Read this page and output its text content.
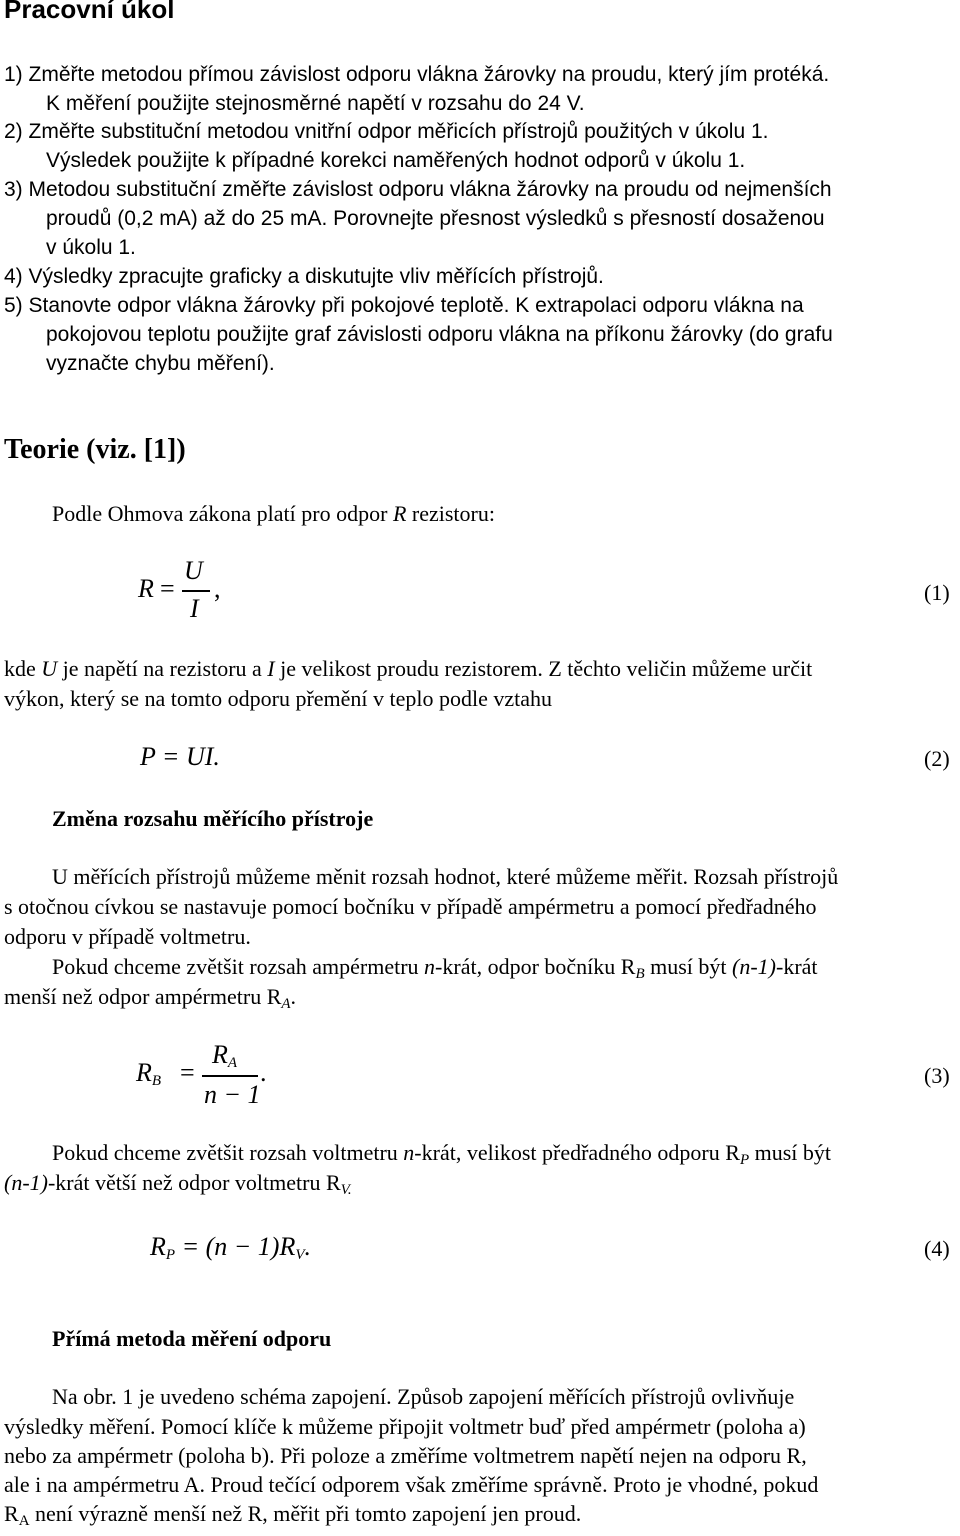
Pracovní úkol
1) Změřte metodou přímou závislost odporu vlákna žárovky na proudu, který jím protéká.
K měření použijte stejnosměrné napětí v rozsahu do 24 V.
2) Změřte substituční metodou vnitřní odpor měřicích přístrojů použitých v úkolu 1.
Výsledek použijte k případné korekci naměřených hodnot odporů v úkolu 1.
3) Metodou substituční změřte závislost odporu vlákna žárovky na proudu od nejmenších
proudů (0,2 mA) až do 25 mA. Porovnejte přesnost výsledků s přesností dosaženou
v úkolu 1.
4) Výsledky zpracujte graficky a diskutujte vliv měřících přístrojů.
5) Stanovte odpor vlákna žárovky při pokojové teplotě. K extrapolaci odporu vlákna na
pokojovou teplotu použijte graf závislosti odporu vlákna na příkonu žárovky (do grafu
vyznačte chybu měření).
Teorie (viz. [1])
Podle Ohmova zákona platí pro odpor R rezistoru:
R =
U
I
,	(1)
kde U je napětí na rezistoru a I je velikost proudu rezistorem. Z těchto veličin můžeme určit
výkon, který se na tomto odporu přemění v teplo podle vztahu
P = UI.	(2)
Změna rozsahu měřícího přístroje
U měřících přístrojů můžeme měnit rozsah hodnot, které můžeme měřit. Rozsah přístrojů
s otočnou cívkou se nastavuje pomocí bočníku v případě ampérmetru a pomocí předřadného
odporu v případě voltmetru.
Pokud chceme zvětšit rozsah ampérmetru n-krát, odpor bočníku $R_B$ musí být (n-1)-krát
menší než odpor ampérmetru $R_A$.
$R_B$ =
$R_A$
n − 1
.	(3)
Pokud chceme zvětšit rozsah voltmetru n-krát, velikost předřadného odporu $R_P$ musí být
(n-1)-krát větší než odpor voltmetru $R_{V.}$
$R_P = (n - 1)R_V$.	(4)
Přímá metoda měření odporu
Na obr. 1 je uvedeno schéma zapojení. Způsob zapojení měřících přístrojů ovlivňuje
výsledky měření. Pomocí klíče k můžeme připojit voltmetr buď před ampérmetr (poloha a)
nebo za ampérmetr (poloha b). Při poloze a změříme voltmetrem napětí nejen na odporu R,
ale i na ampérmetru A. Proud tečící odporem však změříme správně. Proto je vhodné, pokud
$R_A$ není výrazně menší než R, měřit při tomto zapojení jen proud.
